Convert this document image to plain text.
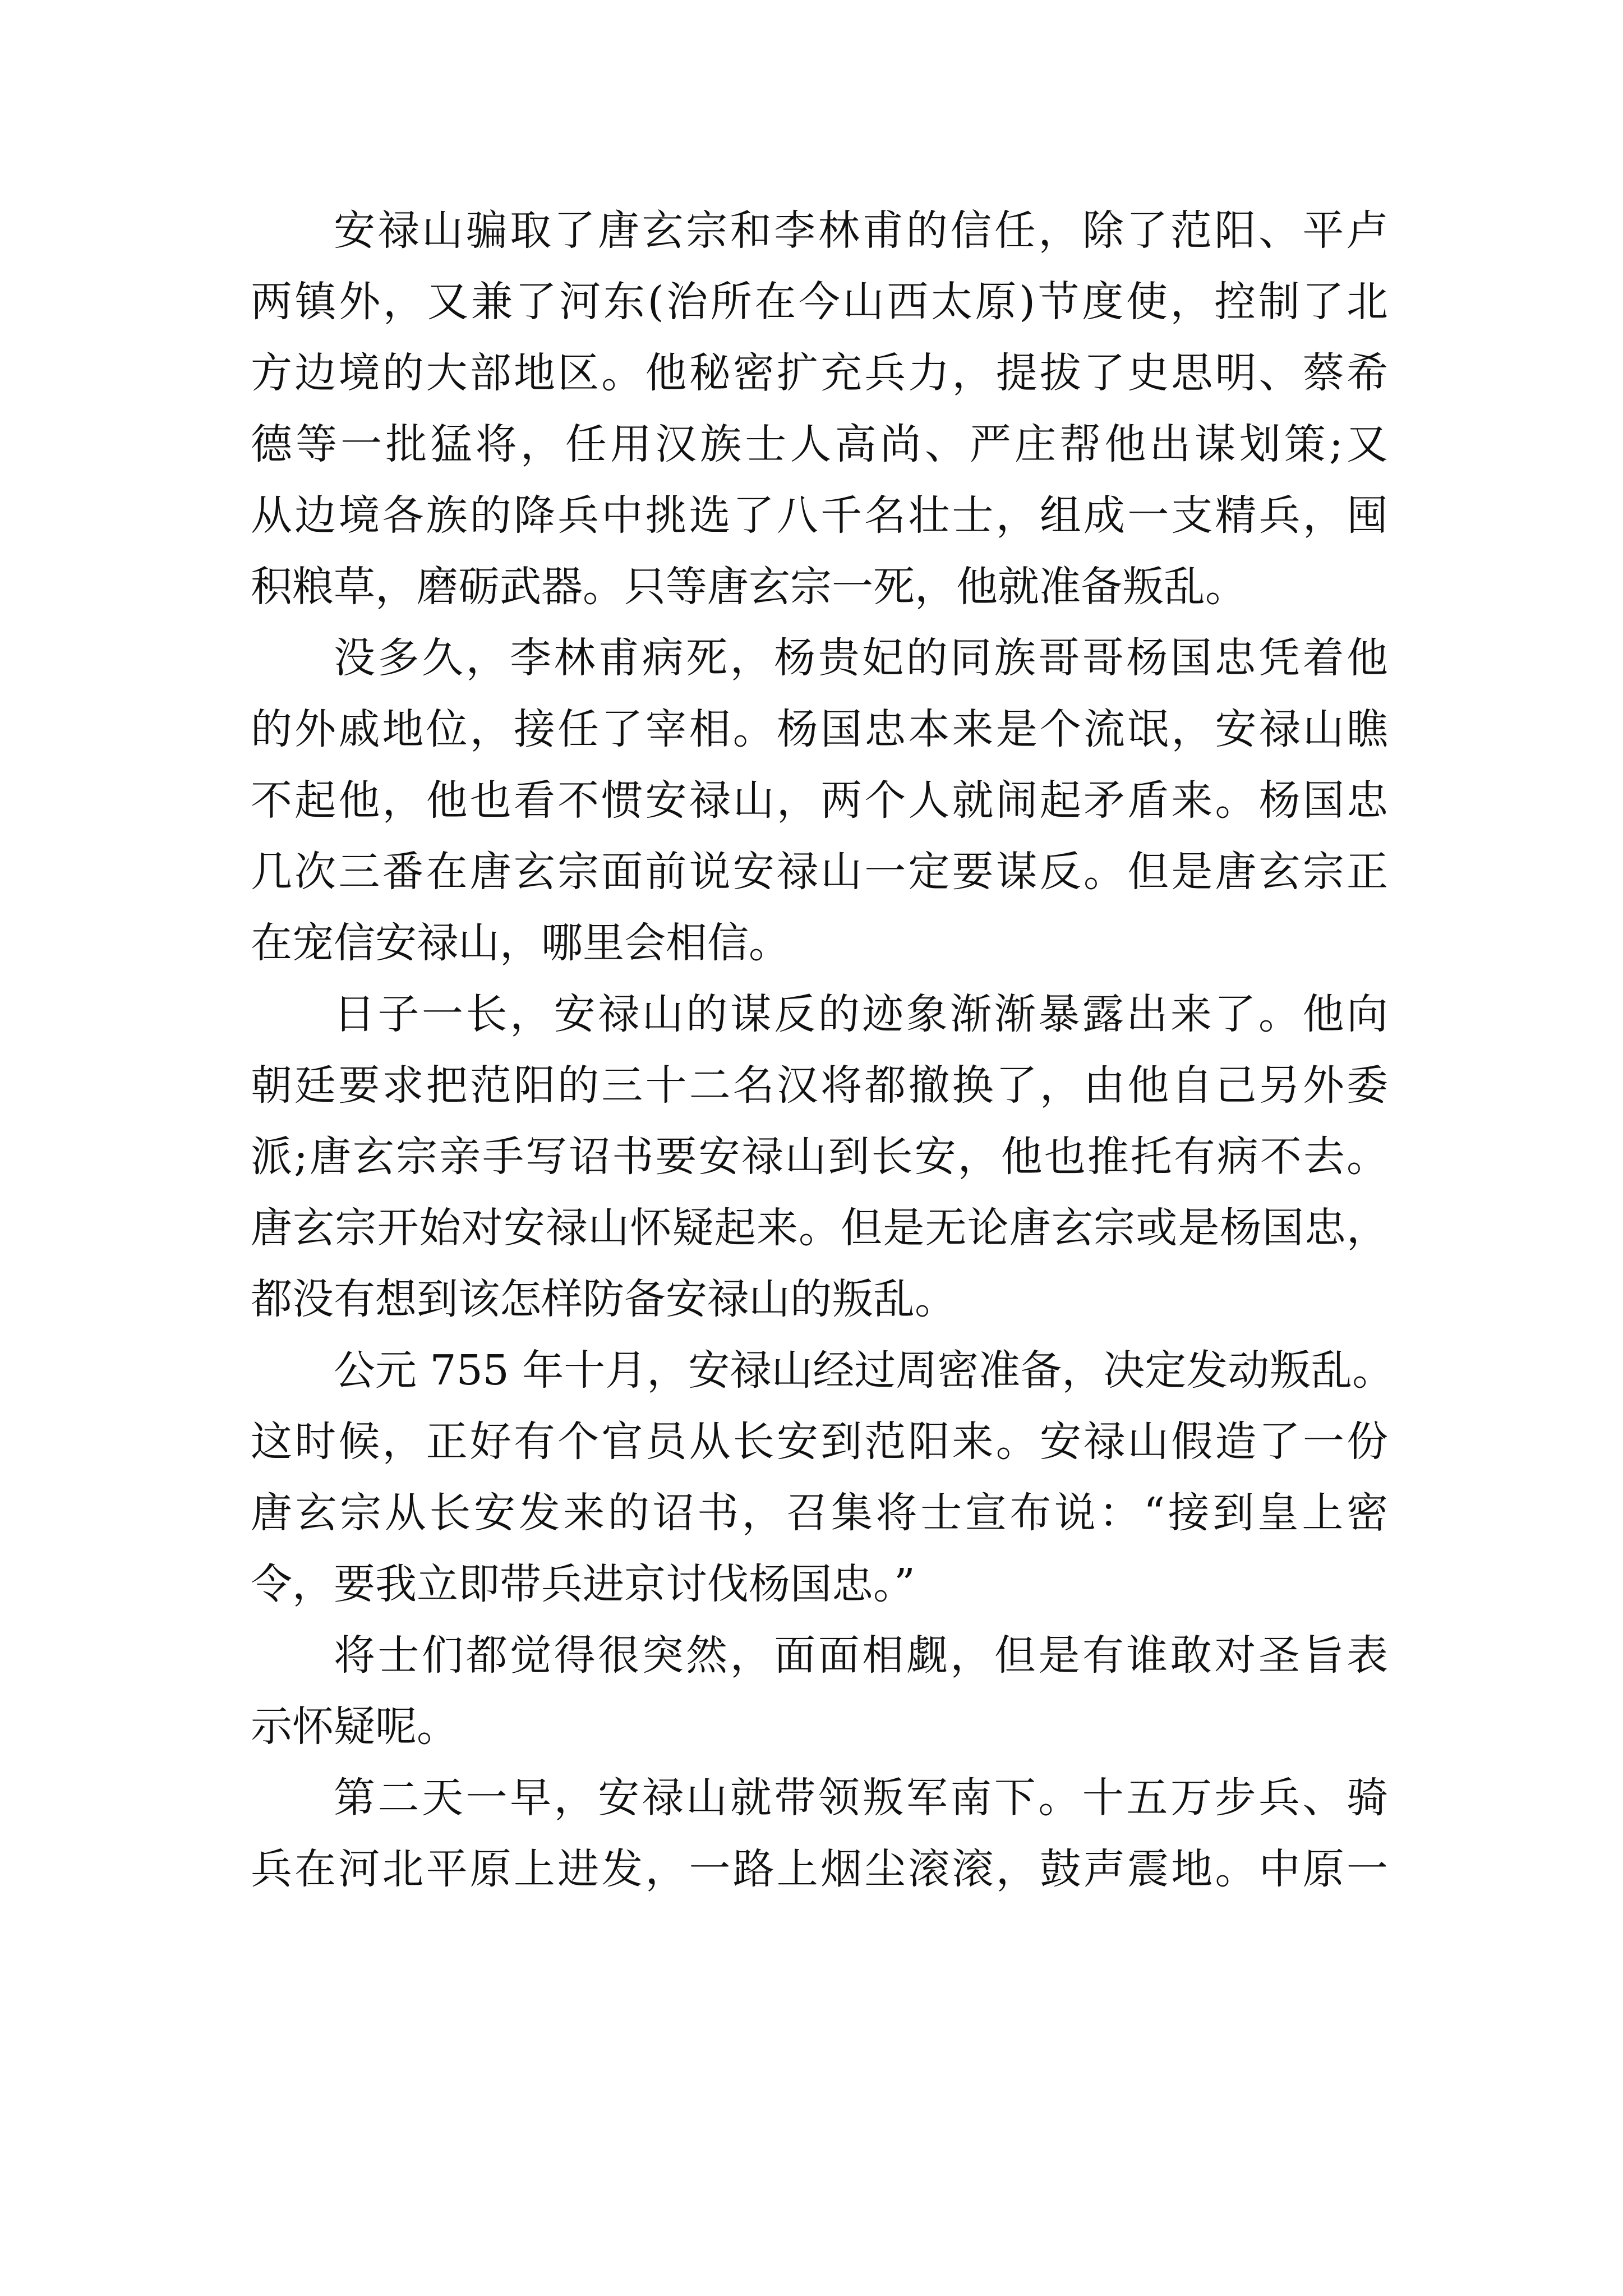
安禄山骗取了唐玄宗和李林甫的信任，除了范阳、平卢
两镇外，又兼了河东(治所在今山西太原)节度使，控制了北
方边境的大部地区。他秘密扩充兵力，提拔了史思明、蔡希
德等一批猛将，任用汉族士人高尚、严庄帮他出谋划策;又
从边境各族的降兵中挑选了八千名壮士，组成一支精兵，囤
积粮草，磨砺武器。只等唐玄宗一死，他就准备叛乱。
没多久，李林甫病死，杨贵妃的同族哥哥杨国忠凭着他
的外戚地位，接任了宰相。杨国忠本来是个流氓，安禄山瞧
不起他，他也看不惯安禄山，两个人就闹起矛盾来。杨国忠
几次三番在唐玄宗面前说安禄山一定要谋反。但是唐玄宗正
在宠信安禄山，哪里会相信。
日子一长，安禄山的谋反的迹象渐渐暴露出来了。他向
朝廷要求把范阳的三十二名汉将都撤换了，由他自己另外委
派;唐玄宗亲手写诏书要安禄山到长安，他也推托有病不去。
唐玄宗开始对安禄山怀疑起来。但是无论唐玄宗或是杨国忠，
都没有想到该怎样防备安禄山的叛乱。
公元 755 年十月，安禄山经过周密准备，决定发动叛乱。
这时候，正好有个官员从长安到范阳来。安禄山假造了一份
唐玄宗从长安发来的诏书，召集将士宣布说：“接到皇上密
令，要我立即带兵进京讨伐杨国忠。”
将士们都觉得很突然，面面相觑，但是有谁敢对圣旨表
示怀疑呢。
第二天一早，安禄山就带领叛军南下。十五万步兵、骑
兵在河北平原上进发，一路上烟尘滚滚，鼓声震地。中原一
